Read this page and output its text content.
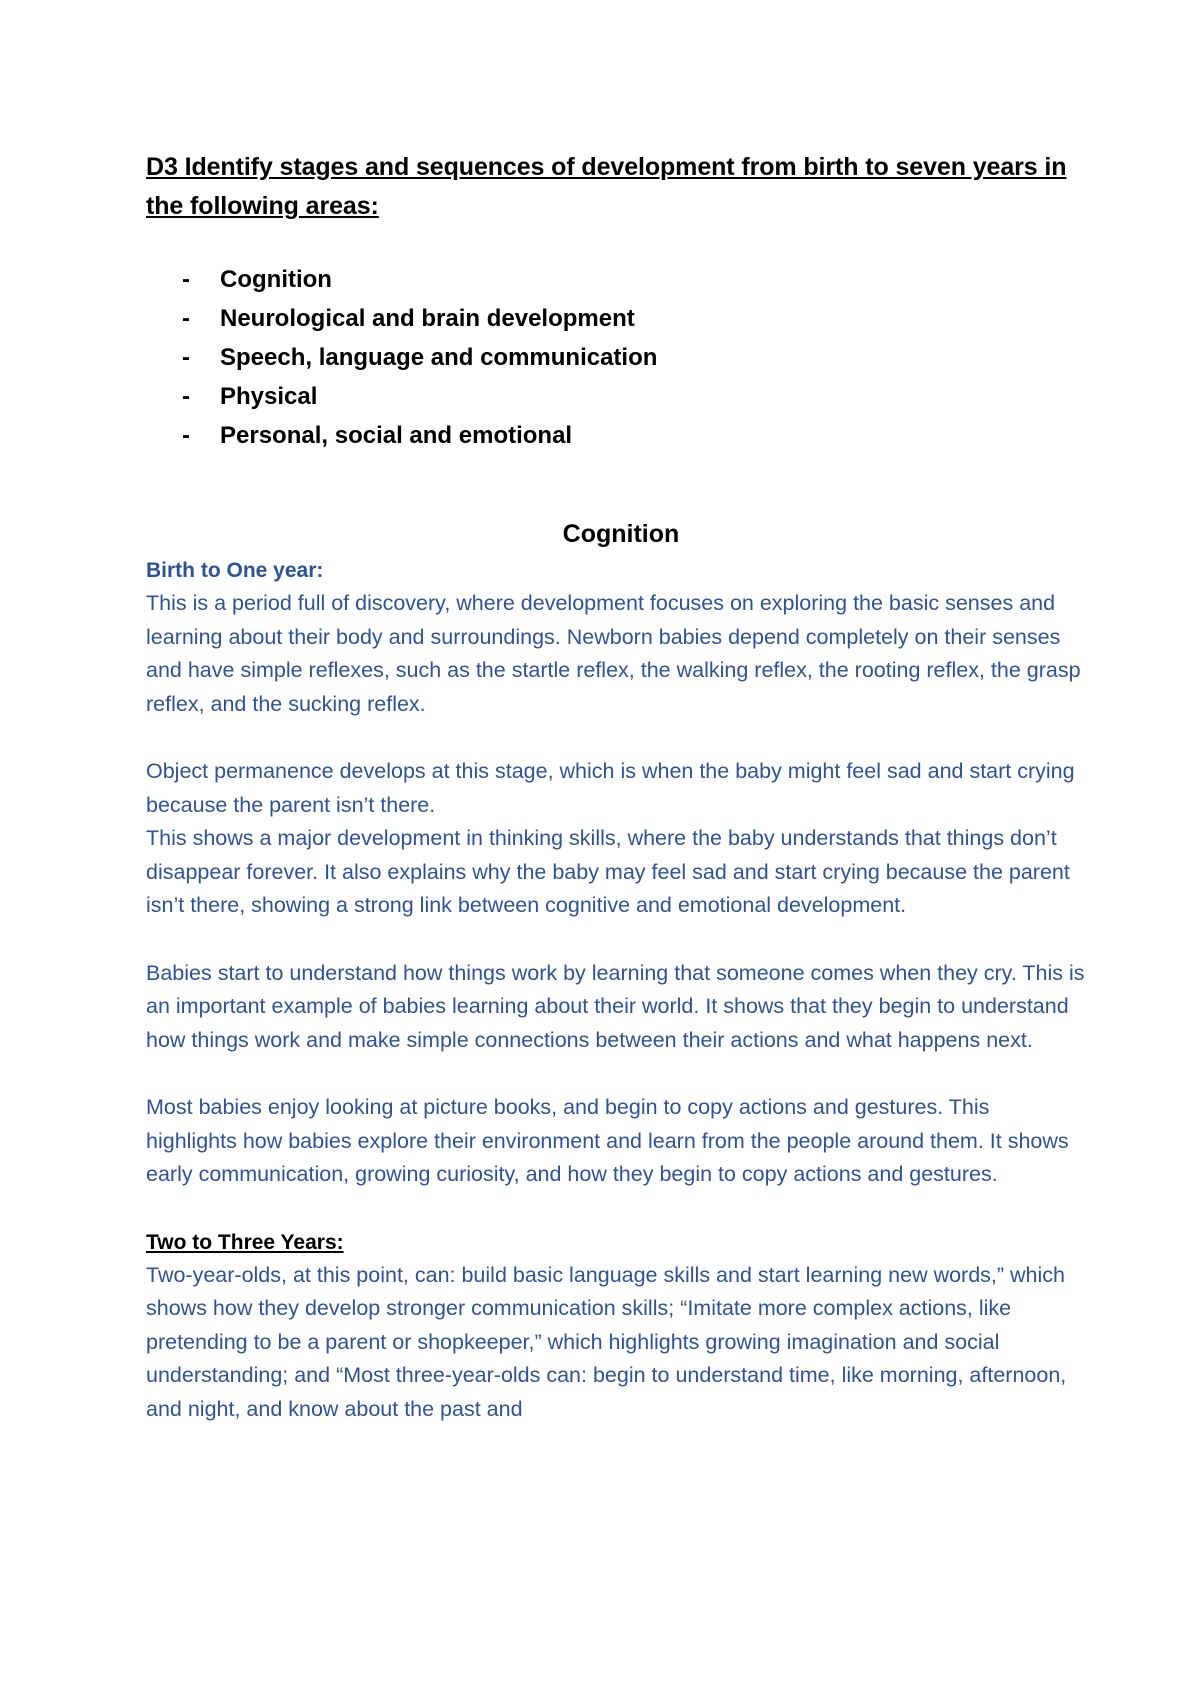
D3 Identify stages and sequences of development from birth to seven years in the following areas:
- Cognition
- Neurological and brain development
- Speech, language and communication
- Physical
- Personal, social and emotional
Cognition
Birth to One year:

This is a period full of discovery, where development focuses on exploring the basic senses and learning about their body and surroundings. Newborn babies depend completely on their senses and have simple reflexes, such as the startle reflex, the walking reflex, the rooting reflex, the grasp reflex, and the sucking reflex.

Object permanence develops at this stage, which is when the baby might feel sad and start crying because the parent isn’t there.

This shows a major development in thinking skills, where the baby understands that things don’t disappear forever. It also explains why the baby may feel sad and start crying because the parent isn’t there, showing a strong link between cognitive and emotional development.

Babies start to understand how things work by learning that someone comes when they cry. This is an important example of babies learning about their world. It shows that they begin to understand how things work and make simple connections between their actions and what happens next.

Most babies enjoy looking at picture books, and begin to copy actions and gestures. This highlights how babies explore their environment and learn from the people around them. It shows early communication, growing curiosity, and how they begin to copy actions and gestures.

Two to Three Years:

Two-year-olds, at this point, can: build basic language skills and start learning new words,” which shows how they develop stronger communication skills; “Imitate more complex actions, like pretending to be a parent or shopkeeper,” which highlights growing imagination and social understanding; and “Most three-year-olds can: begin to understand time, like morning, afternoon, and night, and know about the past and
